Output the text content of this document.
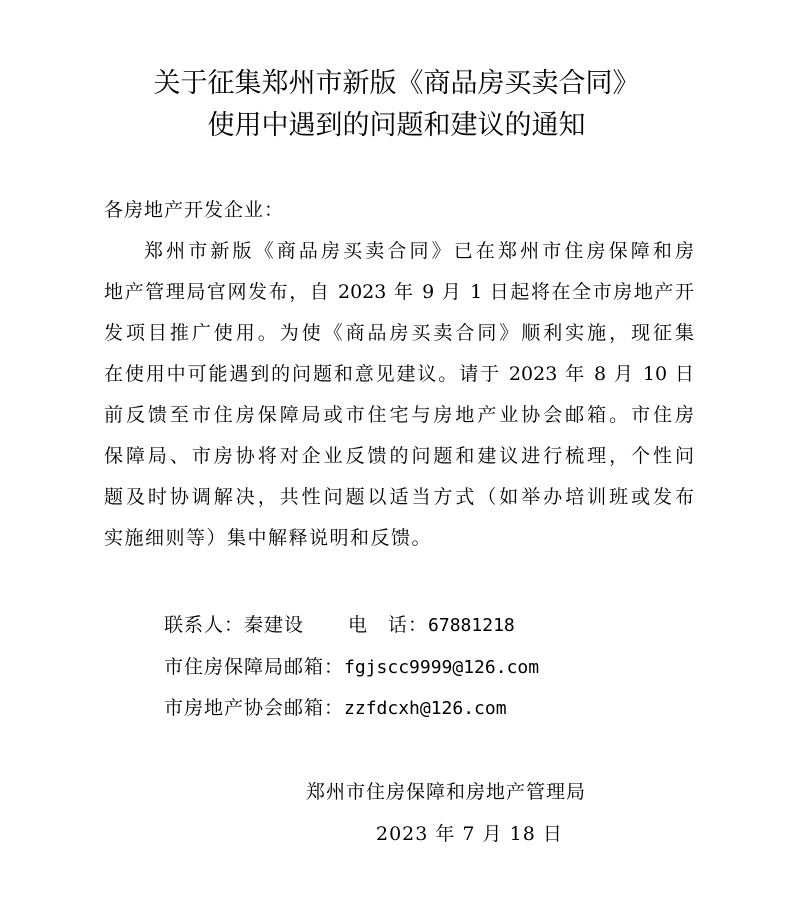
关于征集郑州市新版《商品房买卖合同》
使用中遇到的问题和建议的通知
各房地产开发企业：
郑州市新版《商品房买卖合同》已在郑州市住房保障和房
地产管理局官网发布，自 2023 年 9 月 1 日起将在全市房地产开
发项目推广使用。为使《商品房买卖合同》顺利实施，现征集
在使用中可能遇到的问题和意见建议。请于 2023 年 8 月 10 日
前反馈至市住房保障局或市住宅与房地产业协会邮箱。市住房
保障局、市房协将对企业反馈的问题和建议进行梳理，个性问
题及时协调解决，共性问题以适当方式（如举办培训班或发布
实施细则等）集中解释说明和反馈。
联系人：秦建设 电　话：67881218
市住房保障局邮箱：fgjscc9999@126.com
市房地产协会邮箱：zzfdcxh@126.com
郑州市住房保障和房地产管理局
2023 年 7 月 18 日
